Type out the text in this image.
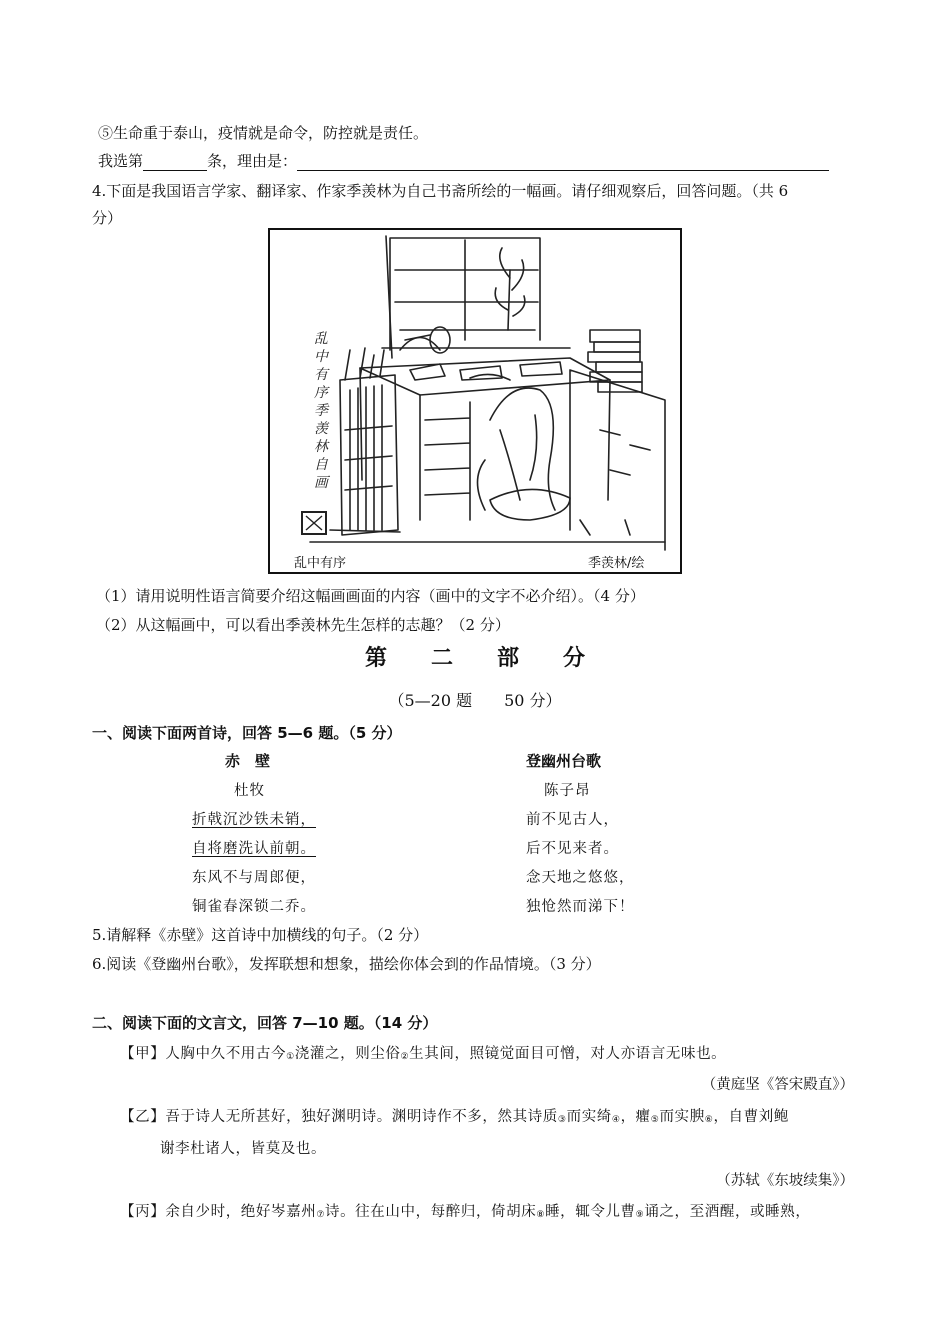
⑤生命重于泰山，疫情就是命令，防控就是责任。
我选第	条，理由是：
4.下面是我国语言学家、翻译家、作家季羡林为自己书斋所绘的一幅画。请仔细观察后，回答问题。（共 6
分）
乱中有序 季羡林自画
乱中有序	季羡林/绘
（1）请用说明性语言简要介绍这幅画画面的内容（画中的文字不必介绍）。（4 分）
（2）从这幅画中，可以看出季羡林先生怎样的志趣？（2 分）
第　　二　　部　　分
（5—20 题　　50 分）
一、阅读下面两首诗，回答 5—6 题。（5 分）
赤　壁
杜牧
折戟沉沙铁未销，
自将磨洗认前朝。
东风不与周郎便，
铜雀春深锁二乔。
登幽州台歌
陈子昂
前不见古人，
后不见来者。
念天地之悠悠，
独怆然而涕下！
5.请解释《赤壁》这首诗中加横线的句子。（2 分）
6.阅读《登幽州台歌》，发挥联想和想象，描绘你体会到的作品情境。（3 分）
二、阅读下面的文言文，回答 7—10 题。（14 分）
【甲】人胸中久不用古今$_①$浇灌之，则尘俗$_②$生其间，照镜觉面目可憎，对人亦语言无味也。
（黄庭坚《答宋殿直》）
【乙】吾于诗人无所甚好，独好渊明诗。渊明诗作不多，然其诗质$_③$而实绮$_④$，癯$_⑤$而实腴$_⑥$，自曹刘鲍
谢李杜诸人，皆莫及也。
（苏轼《东坡续集》）
【丙】余自少时，绝好岑嘉州$_⑦$诗。往在山中，每醉归，倚胡床$_⑧$睡，辄令儿曹$_⑨$诵之，至酒醒，或睡熟，
